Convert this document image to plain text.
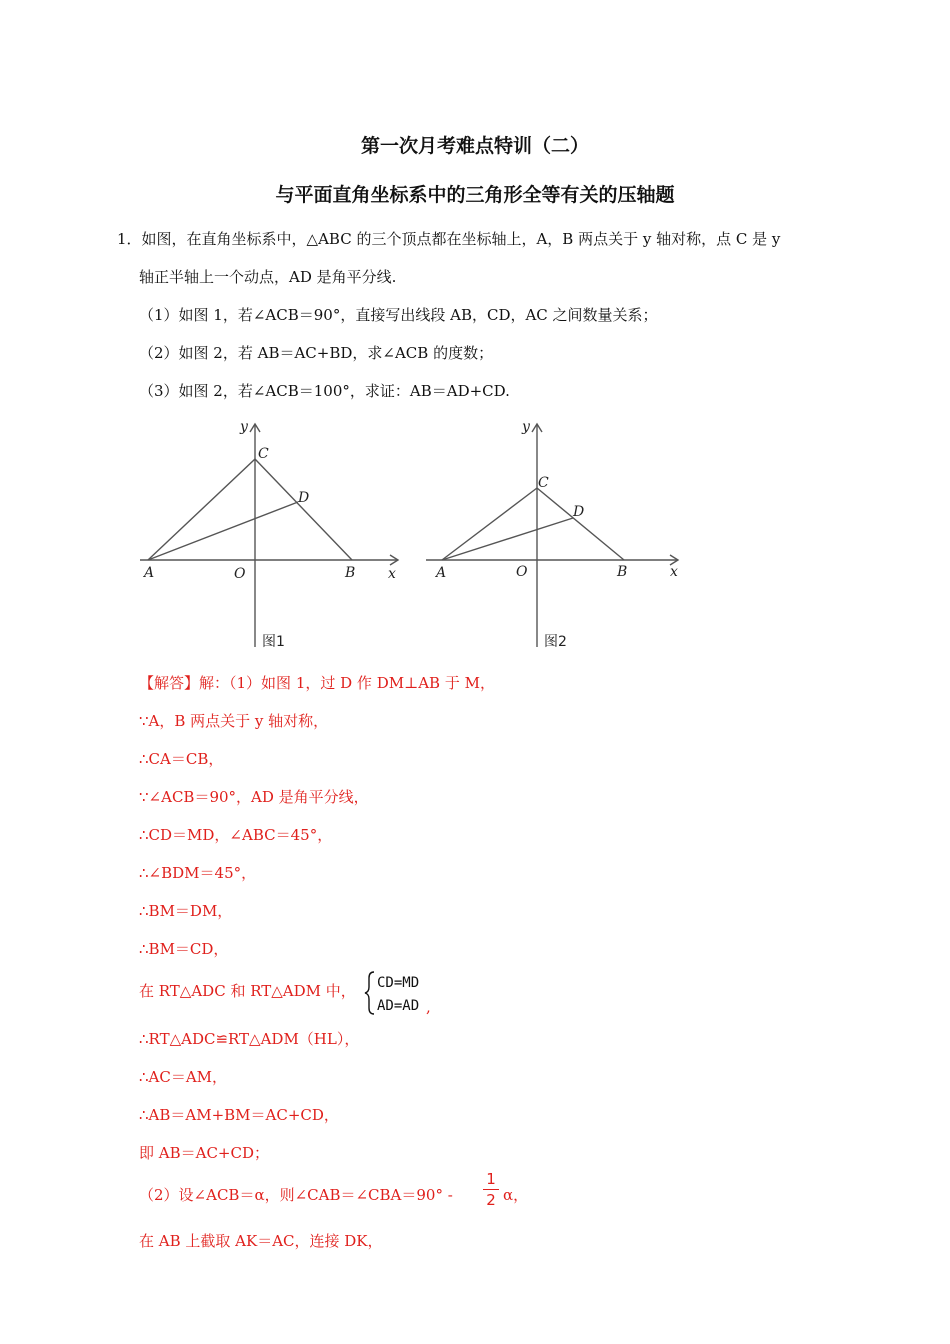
第一次月考难点特训（二）
与平面直角坐标系中的三角形全等有关的压轴题
1．如图，在直角坐标系中，△ABC 的三个顶点都在坐标轴上，A，B 两点关于 y 轴对称，点 C 是 y
轴正半轴上一个动点，AD 是角平分线.
（1）如图 1，若∠ACB＝90°，直接写出线段 AB，CD，AC 之间数量关系；
（2）如图 2，若 AB＝AC+BD，求∠ACB 的度数；
（3）如图 2，若∠ACB＝100°，求证：AB＝AD+CD.
y
x
O
A	B
C
D
图1
y
x
O
A	B
C
D
图2
【解答】解：（1）如图 1，过 D 作 DM⊥AB 于 M，
∵A，B 两点关于 y 轴对称，
∴CA＝CB，
∵∠ACB＝90°，AD 是角平分线，
∴CD＝MD，∠ABC＝45°，
∴∠BDM＝45°，
∴BM＝DM，
∴BM＝CD，
在 RT△ADC 和 RT△ADM 中， CD=MD
AD=AD ,
∴RT△ADC≌RT△ADM（HL），
∴AC＝AM，
∴AB＝AM+BM＝AC+CD，
即 AB＝AC+CD；
（2）设∠ACB＝α，则∠CAB＝∠CBA＝90° -
1
2 α，
在 AB 上截取 AK＝AC，连接 DK，
